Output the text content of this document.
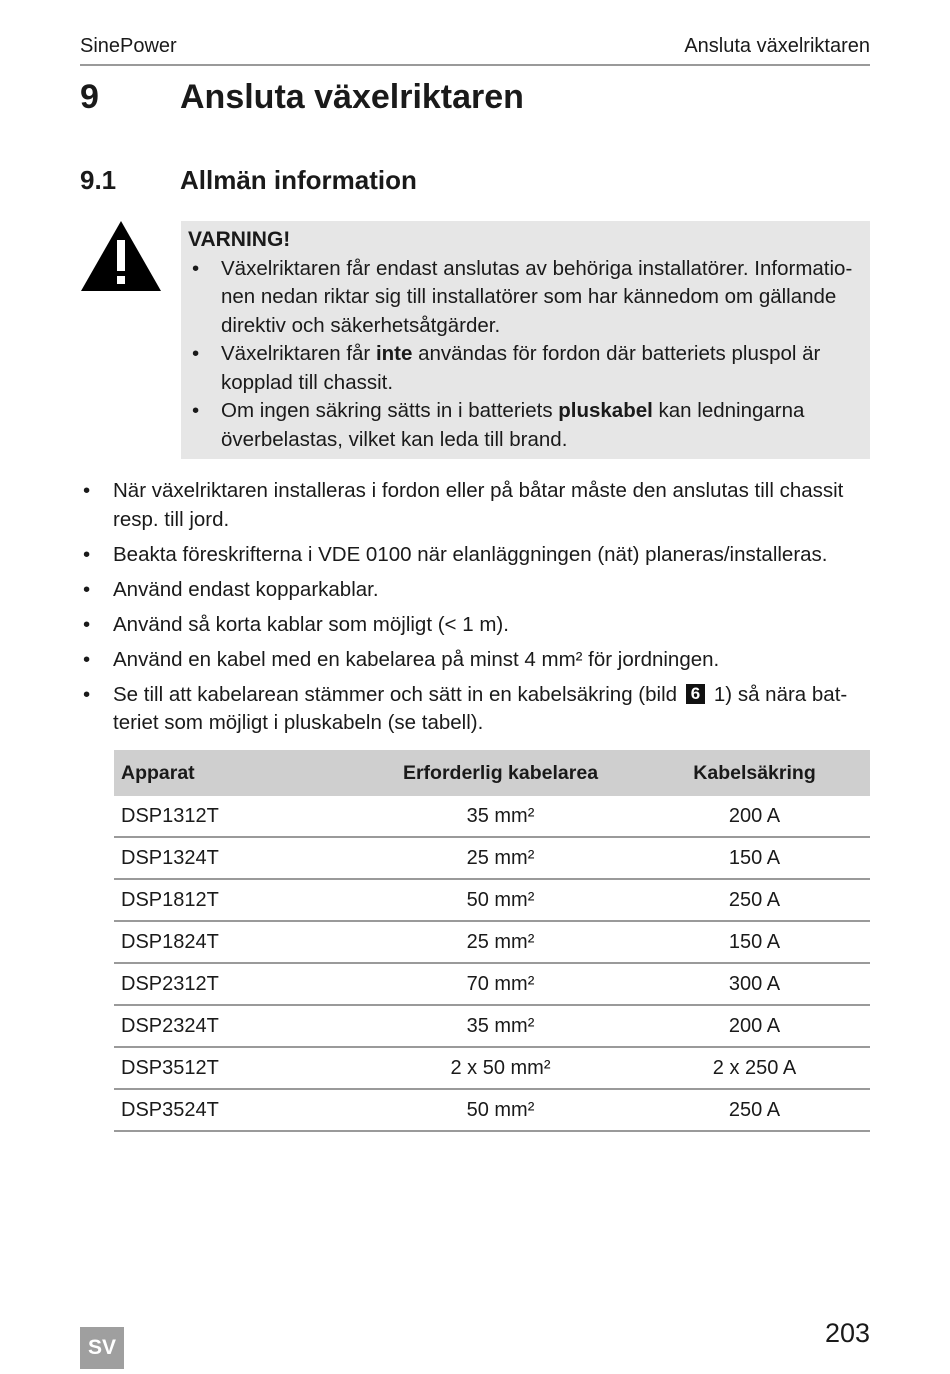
SinePower	Ansluta växelriktaren
9	Ansluta växelriktaren
9.1	Allmän information
VARNING!
• Växelriktaren får endast anslutas av behöriga installatörer. Informationen nedan riktar sig till installatörer som har kännedom om gällande direktiv och säkerhetsåtgärder.
• Växelriktaren får inte användas för fordon där batteriets pluspol är kopplad till chassit.
• Om ingen säkring sätts in i batteriets pluskabel kan ledningarna överbelastas, vilket kan leda till brand.
• När växelriktaren installeras i fordon eller på båtar måste den anslutas till chassit resp. till jord.
• Beakta föreskrifterna i VDE 0100 när elanläggningen (nät) planeras/installeras.
• Använd endast kopparkablar.
• Använd så korta kablar som möjligt (< 1 m).
• Använd en kabel med en kabelarea på minst 4 mm² för jordningen.
• Se till att kabelarean stämmer och sätt in en kabelsäkring (bild 6 1) så nära batteriet som möjligt i pluskabeln (se tabell).
Apparat	Erforderlig kabelarea	Kabelsäkring
DSP1312T	35 mm²	200 A
DSP1324T	25 mm²	150 A
DSP1812T	50 mm²	250 A
DSP1824T	25 mm²	150 A
DSP2312T	70 mm²	300 A
DSP2324T	35 mm²	200 A
DSP3512T	2 x 50 mm²	2 x 250 A
DSP3524T	50 mm²	250 A
203
SV
